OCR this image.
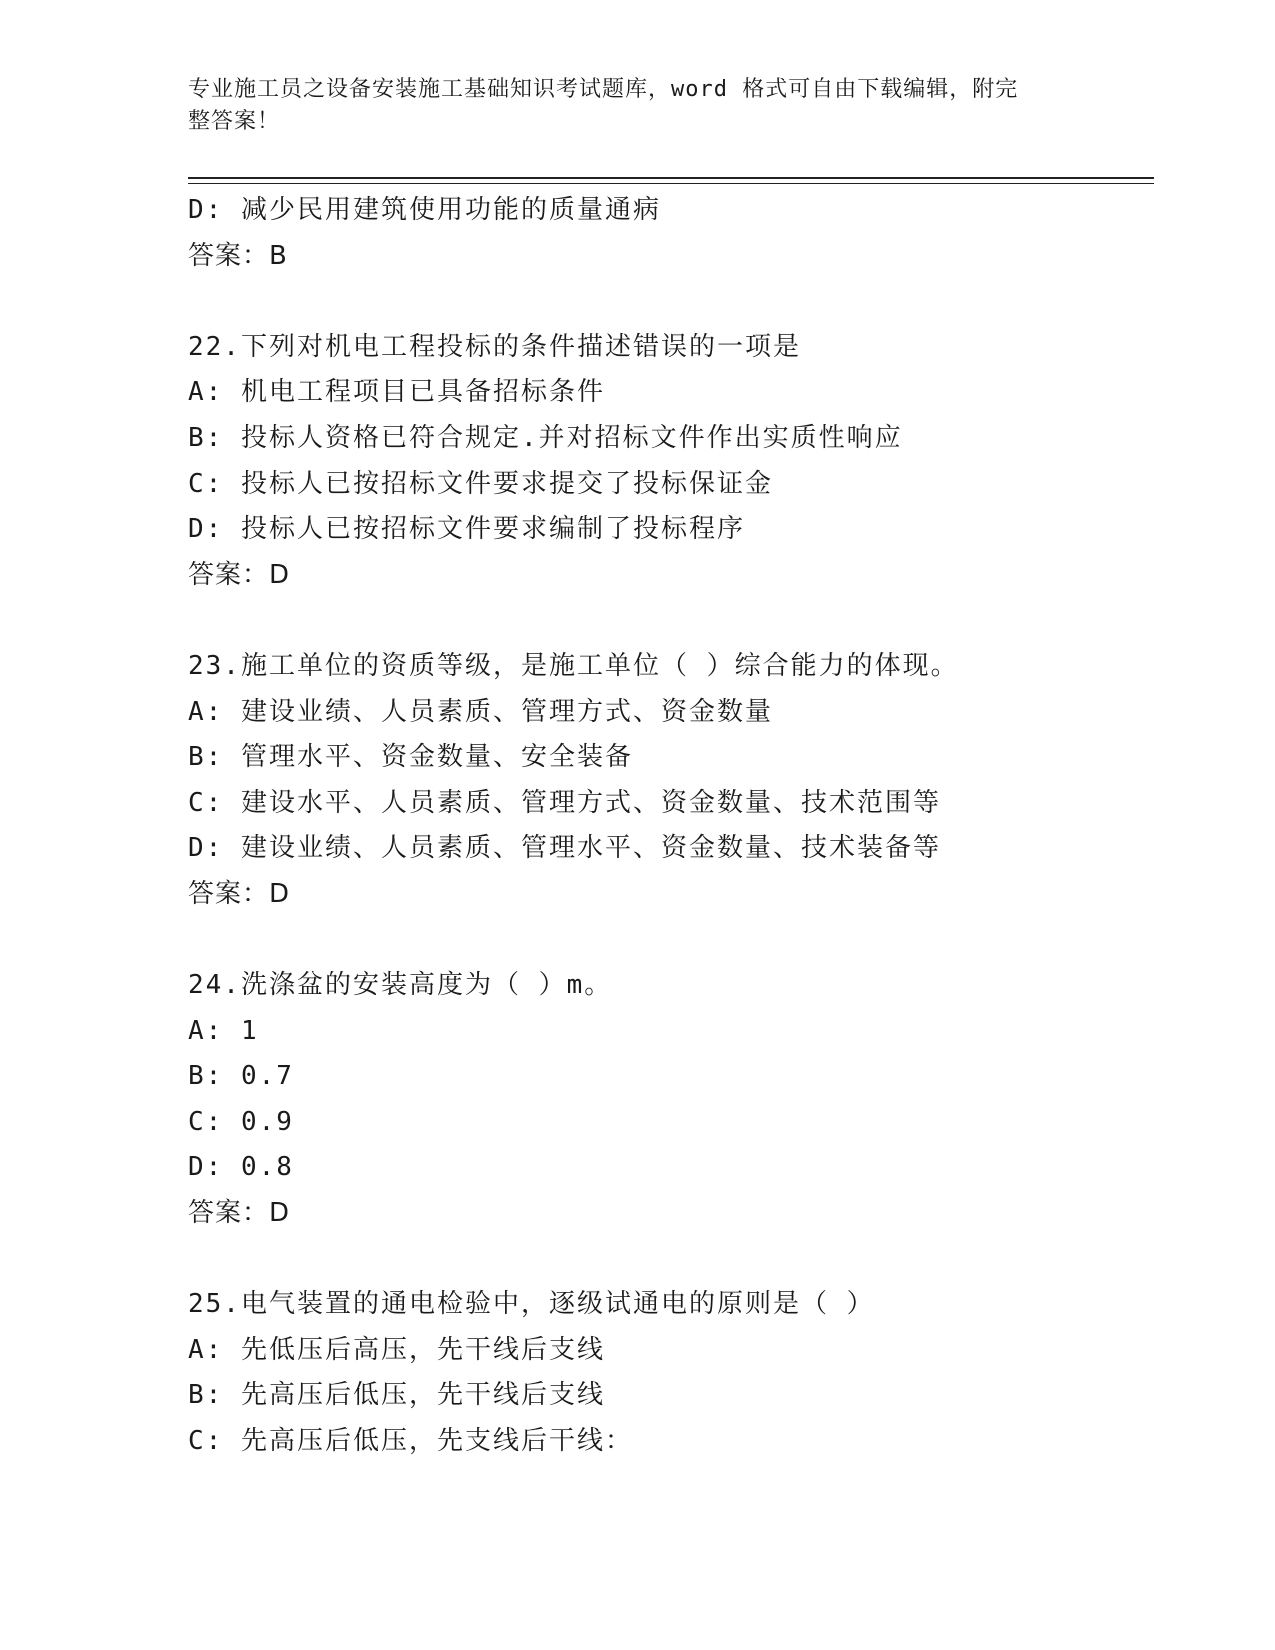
专业施工员之设备安装施工基础知识考试题库，word 格式可自由下载编辑，附完
整答案！
D: 减少民用建筑使用功能的质量通病
答案：B
22.下列对机电工程投标的条件描述错误的一项是
A: 机电工程项目已具备招标条件
B: 投标人资格已符合规定.并对招标文件作出实质性响应
C: 投标人已按招标文件要求提交了投标保证金
D: 投标人已按招标文件要求编制了投标程序
答案：D
23.施工单位的资质等级，是施工单位（ ）综合能力的体现。
A: 建设业绩、人员素质、管理方式、资金数量
B: 管理水平、资金数量、安全装备
C: 建设水平、人员素质、管理方式、资金数量、技术范围等
D: 建设业绩、人员素质、管理水平、资金数量、技术装备等
答案：D
24.洗涤盆的安装高度为（ ）m。
A: 1
B: 0.7
C: 0.9
D: 0.8
答案：D
25.电气装置的通电检验中，逐级试通电的原则是（ ）
A: 先低压后高压，先干线后支线
B: 先高压后低压，先干线后支线
C: 先高压后低压，先支线后干线：
